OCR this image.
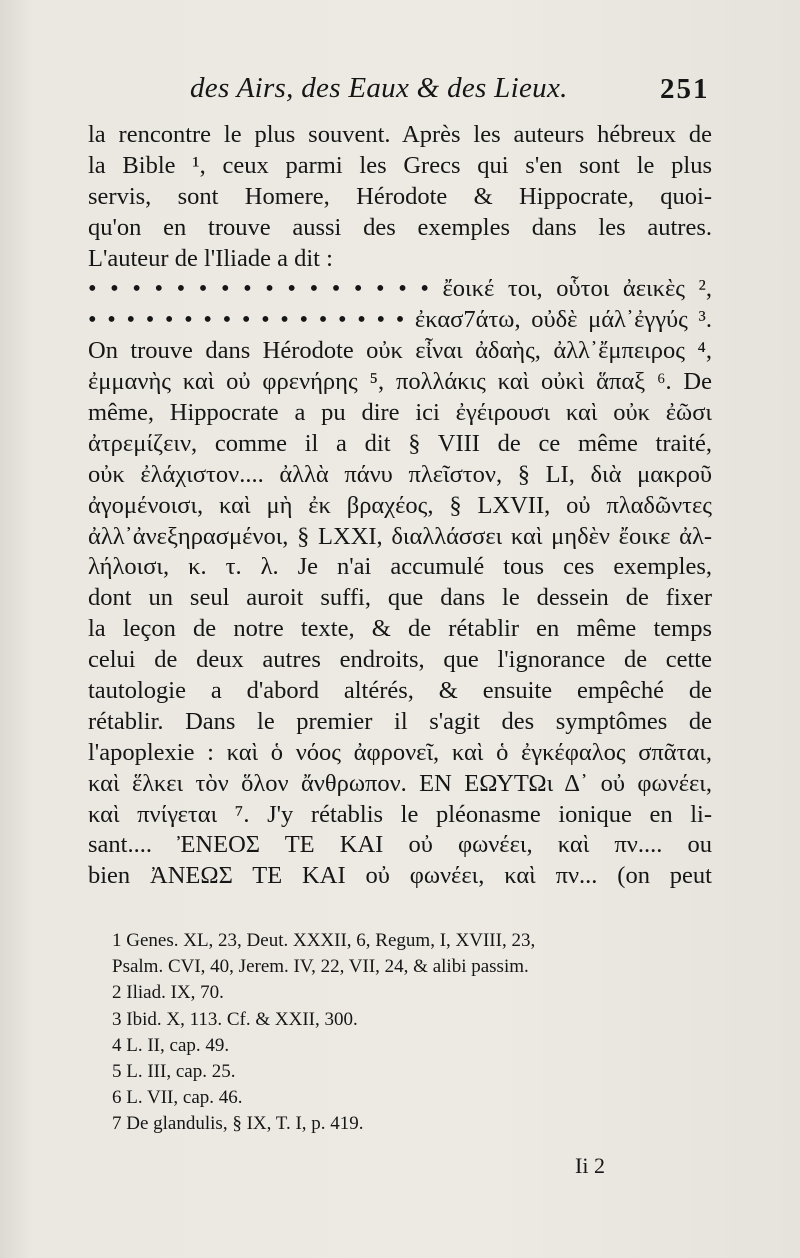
des Airs, des Eaux & des Lieux.	251
la rencontre le plus souvent. Après les auteurs hébreux de
la Bible ¹, ceux parmi les Grecs qui s'en sont le plus
servis, sont Homere, Hérodote & Hippocrate, quoi-
qu'on en trouve aussi des exemples dans les autres.
L'auteur de l'Iliade a dit :
• • • • • • • • • • • • • • • • ἔοικέ τοι, οὗτοι ἀεικὲς ²,
• • • • • • • • • • • • • • • • • ἐκασ7άτω, οὐδὲ μάλ᾽ἐγγύς ³.
On trouve dans Hérodote οὐκ εἶναι ἀδαὴς, ἀλλ᾽ἔμπειρος ⁴,
ἐμμανὴς καὶ οὐ φρενήρης ⁵, πολλάκις καὶ οὐκὶ ἅπαξ ⁶. De
même, Hippocrate a pu dire ici ἐγέιρουσι καὶ οὐκ ἐῶσι
ἀτρεμίζειν, comme il a dit § VIII de ce même traité,
οὐκ ἐλάχιστον.... ἀλλὰ πάνυ πλεῖστον, § LI, διὰ μακροῦ
ἀγομένοισι, καὶ μὴ ἐκ βραχέος, § LXVII, οὐ πλαδῶντες
ἀλλ᾽ἀνεξηρασμένοι, § LXXI, διαλλάσσει καὶ μηδὲν ἔοικε ἀλ-
λήλοισι, κ. τ. λ. Je n'ai accumulé tous ces exemples,
dont un seul auroit suffi, que dans le dessein de fixer
la leçon de notre texte, & de rétablir en même temps
celui de deux autres endroits, que l'ignorance de cette
tautologie a d'abord altérés, & ensuite empêché de
rétablir. Dans le premier il s'agit des symptômes de
l'apoplexie : καὶ ὁ νόος ἀφρονεῖ, καὶ ὁ ἐγκέφαλος σπᾶται,
καὶ ἕλκει τὸν ὅλον ἄνθρωπον. ΕΝ ΕΩΥΤΩι Δ᾽ οὐ φωνέει,
καὶ πνίγεται ⁷. J'y rétablis le pléonasme ionique en li-
sant.... ἘΝΕΟΣ ΤΕ ΚΑΙ οὐ φωνέει, καὶ πν.... ou
bien ἈΝΕΩΣ ΤΕ ΚΑΙ οὐ φωνέει, καὶ πν... (on peut
1 Genes. XL, 23, Deut. XXXII, 6, Regum, I, XVIII, 23,
Psalm. CVI, 40, Jerem. IV, 22, VII, 24, & alibi passim.
2 Iliad. IX, 70.
3 Ibid. X, 113. Cf. & XXII, 300.
4 L. II, cap. 49.
5 L. III, cap. 25.
6 L. VII, cap. 46.
7 De glandulis, § IX, T. I, p. 419.
Ii 2
